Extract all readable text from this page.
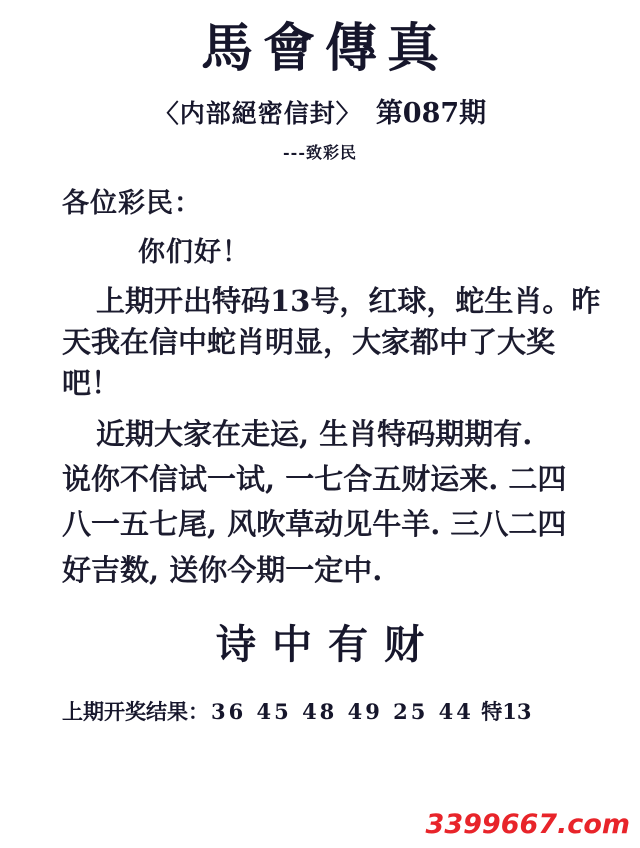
馬會傳真
〈内部絕密信封〉 第087期
---致彩民
各位彩民：
你们好！

上期开出特码13号，红球，蛇生肖。昨天我在信中蛇肖明显，大家都中了大奖吧！

近期大家在走运, 生肖特码期期有.

说你不信试一试, 一七合五财运来. 二四

八一五七尾, 风吹草动见牛羊. 三八二四

好吉数, 送你今期一定中.

诗中有财
上期开奖结果：36 45 48 49 25 44 特13
3399667.com
